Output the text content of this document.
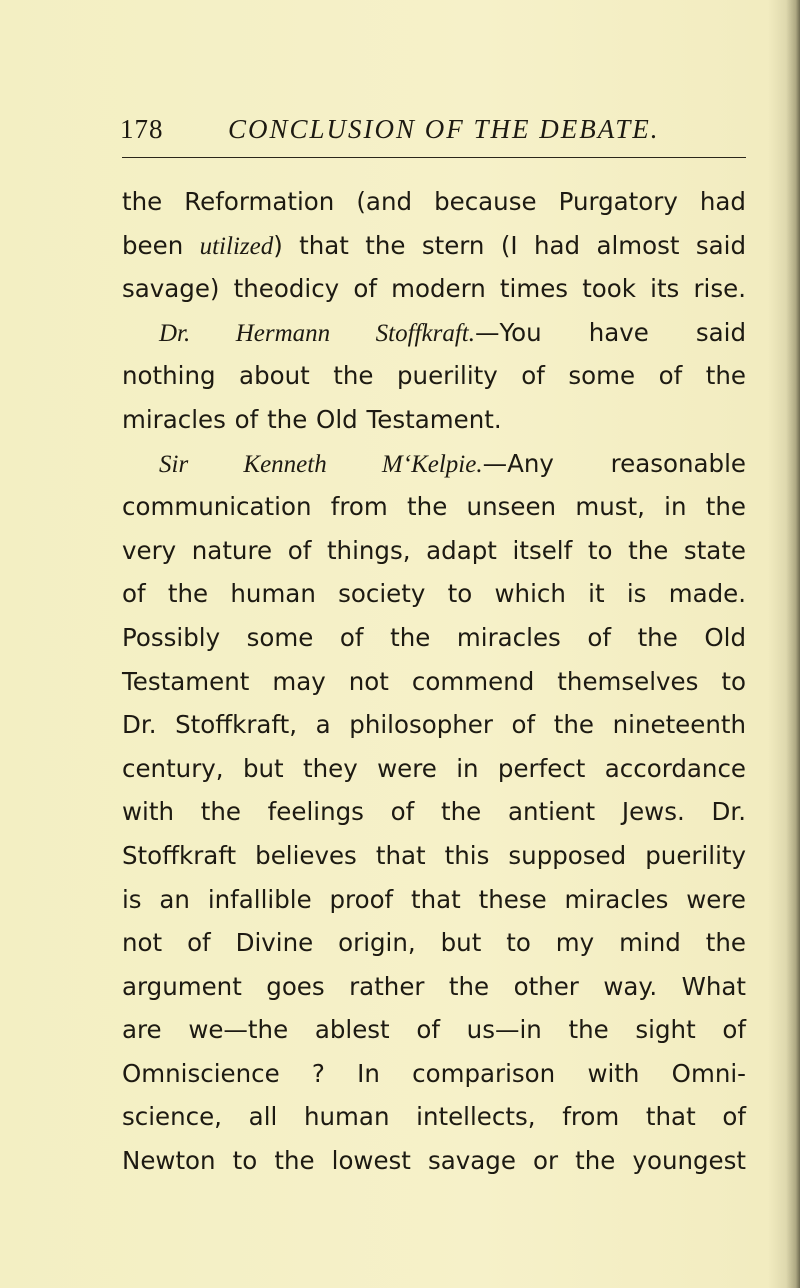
178 CONCLUSION OF THE DEBATE.
the Reformation (and because Purgatory had
been utilized) that the stern (I had almost said
savage) theodicy of modern times took its rise.
Dr. Hermann Stoffkraft.—You have said
nothing about the puerility of some of the
miracles of the Old Testament.
Sir Kenneth M‘Kelpie.—Any reasonable
communication from the unseen must, in the
very nature of things, adapt itself to the state
of the human society to which it is made.
Possibly some of the miracles of the Old
Testament may not commend themselves to
Dr. Stoffkraft, a philosopher of the nineteenth
century, but they were in perfect accordance
with the feelings of the antient Jews. Dr.
Stoffkraft believes that this supposed puerility
is an infallible proof that these miracles were
not of Divine origin, but to my mind the
argument goes rather the other way. What
are we—the ablest of us—in the sight of
Omniscience ? In comparison with Omni-
science, all human intellects, from that of
Newton to the lowest savage or the youngest
